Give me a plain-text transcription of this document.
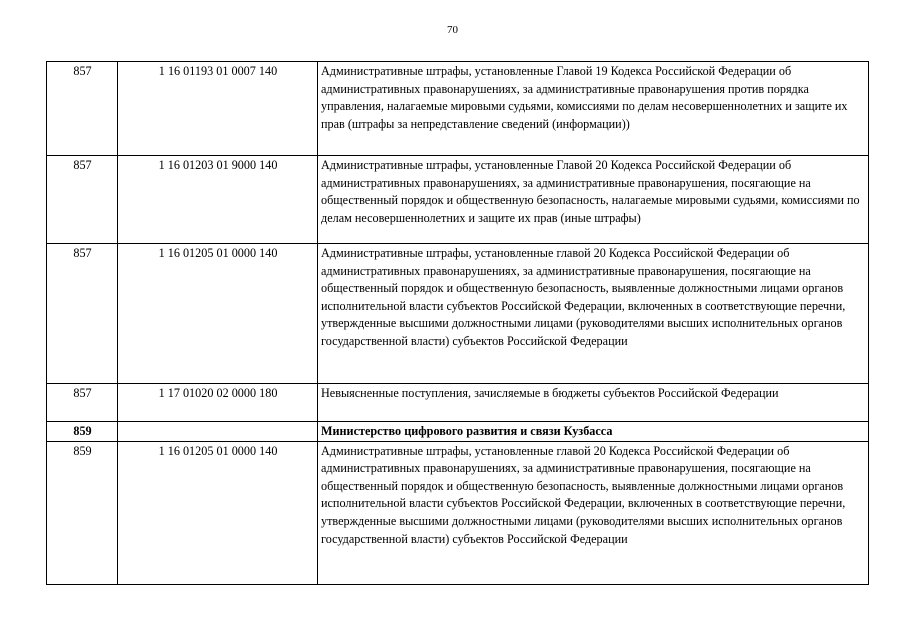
70
857	1 16 01193 01 0007 140	Административные штрафы, установленные Главой 19 Кодекса Российской Федерации об административных правонарушениях, за административные правонарушения против порядка управления, налагаемые мировыми судьями, комиссиями по делам несовершеннолетних и защите их прав (штрафы за непредставление сведений (информации))
857	1 16 01203 01 9000 140	Административные штрафы, установленные Главой 20 Кодекса Российской Федерации об административных правонарушениях, за административные правонарушения, посягающие на общественный порядок и общественную безопасность, налагаемые мировыми судьями, комиссиями по делам несовершеннолетних и защите их прав (иные штрафы)
857	1 16 01205 01 0000 140	Административные штрафы, установленные главой 20 Кодекса Российской Федерации об административных правонарушениях, за административные правонарушения, посягающие на общественный порядок и общественную безопасность, выявленные должностными лицами органов исполнительной власти субъектов Российской Федерации, включенных в соответствующие перечни, утвержденные высшими должностными лицами (руководителями высших исполнительных органов государственной власти) субъектов Российской Федерации
857	1 17 01020 02 0000 180	Невыясненные поступления, зачисляемые в бюджеты субъектов Российской Федерации
859		Министерство цифрового развития и связи Кузбасса
859	1 16 01205 01 0000 140	Административные штрафы, установленные главой 20 Кодекса Российской Федерации об административных правонарушениях, за административные правонарушения, посягающие на общественный порядок и общественную безопасность, выявленные должностными лицами органов исполнительной власти субъектов Российской Федерации, включенных в соответствующие перечни, утвержденные высшими должностными лицами (руководителями высших исполнительных органов государственной власти) субъектов Российской Федерации
